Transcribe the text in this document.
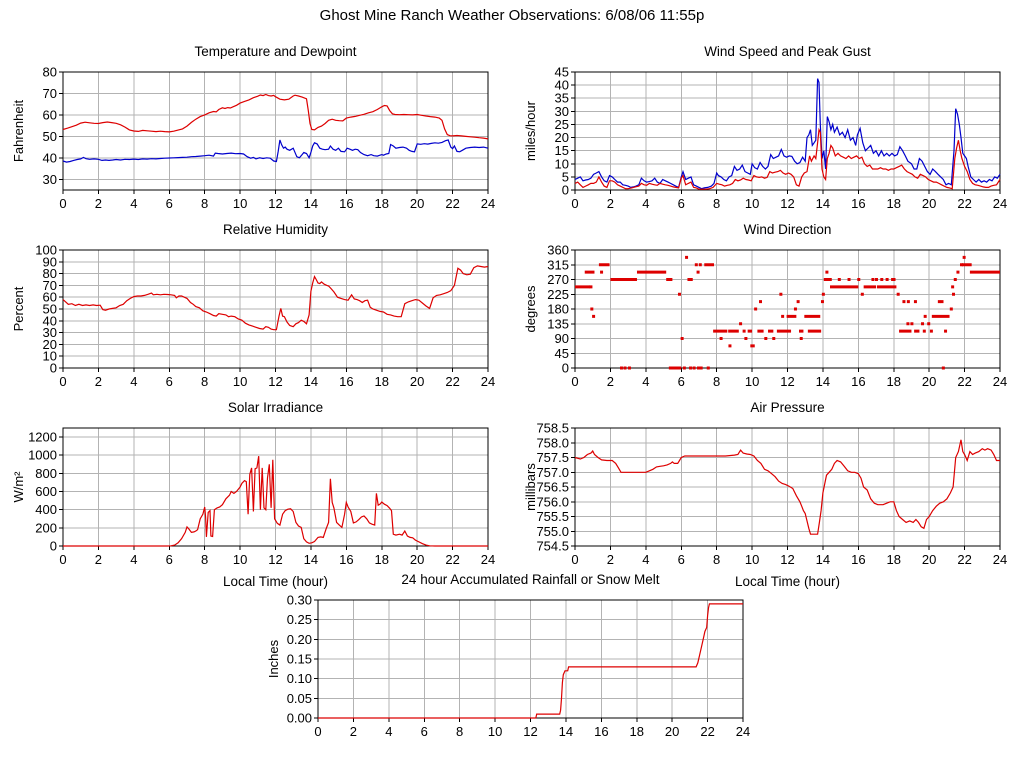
Ghost Mine Ranch Weather Observations: 6/08/06 11:55p
Temperature and Dewpoint
0 2 4 6 8 10 12 14 16 18 20 22 24
30
40
50
60
70
80
Fahrenheit
Wind Speed and Peak Gust
0 2 4 6 8 10 12 14 16 18 20 22 24
0
5
10
15
20
25
30
35
40
45
miles/hour
Relative Humidity
0 2 4 6 8 10 12 14 16 18 20 22 24
0
10
20
30
40
50
60
70
80
90
100
Percent
Wind Direction
0 2 4 6 8 10 12 14 16 18 20 22 24
0
45
90
135
180
225
270
315
360
degrees
Solar Irradiance
0 2 4 6 8 10 12 14 16 18 20 22 24
0
200
400
600
800
1000
1200
W/m²
Local Time (hour)
Air Pressure
0 2 4 6 8 10 12 14 16 18 20 22 24
754.5
755.0
755.5
756.0
756.5
757.0
757.5
758.0
758.5
millibars
Local Time (hour)
24 hour Accumulated Rainfall or Snow Melt
0 2 4 6 8 10 12 14 16 18 20 22 24
0.00
0.05
0.10
0.15
0.20
0.25
0.30
Inches
